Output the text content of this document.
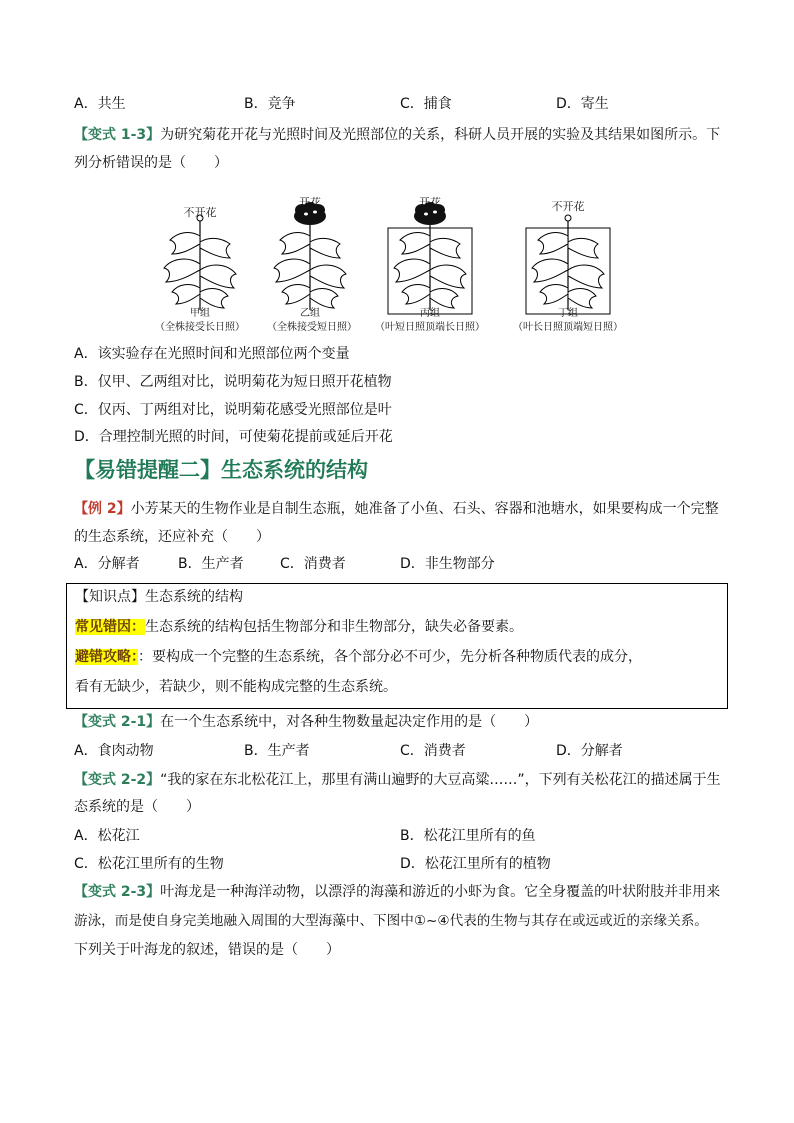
A．共生	B．竞争	C．捕食	D．寄生
【变式 1-3】为研究菊花开花与光照时间及光照部位的关系，科研人员开展的实验及其结果如图所示。下
列分析错误的是（　　）
不开花
开花	开花	不开花
甲组	乙组	丙组	丁组
（全株接受长日照）	（全株接受短日照）	（叶短日照顶端长日照）	（叶长日照顶端短日照）
A．该实验存在光照时间和光照部位两个变量
B．仅甲、乙两组对比，说明菊花为短日照开花植物
C．仅丙、丁两组对比，说明菊花感受光照部位是叶
D．合理控制光照的时间，可使菊花提前或延后开花
【易错提醒二】生态系统的结构
【例 2】小芳某天的生物作业是自制生态瓶，她准备了小鱼、石头、容器和池塘水，如果要构成一个完整
的生态系统，还应补充（　　）
A．分解者	B．生产者	C．消费者	D．非生物部分
【知识点】生态系统的结构
常见错因：生态系统的结构包括生物部分和非生物部分，缺失必备要素。
避错攻略：：要构成一个完整的生态系统，各个部分必不可少，先分析各种物质代表的成分，
看有无缺少，若缺少，则不能构成完整的生态系统。
【变式 2-1】在一个生态系统中，对各种生物数量起决定作用的是（　　）
A．食肉动物	B．生产者	C．消费者	D．分解者
【变式 2-2】“我的家在东北松花江上，那里有满山遍野的大豆高粱……”，下列有关松花江的描述属于生
态系统的是（　　）
A．松花江	B．松花江里所有的鱼
C．松花江里所有的生物	D．松花江里所有的植物
【变式 2-3】叶海龙是一种海洋动物，以漂浮的海藻和游近的小虾为食。它全身覆盖的叶状附肢并非用来
游泳，而是使自身完美地融入周围的大型海藻中、下图中①~④代表的生物与其存在或远或近的亲缘关系。
下列关于叶海龙的叙述，错误的是（　　）
